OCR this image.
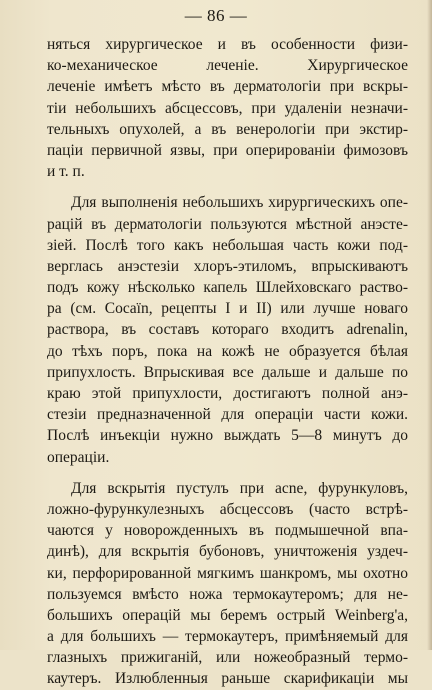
— 86 —
няться хирургическое и въ особенности физи-
ко-механическое леченіе. Хирургическое
леченіе имѣетъ мѣсто въ дерматологіи при вскры-
тіи небольшихъ абсцессовъ, при удаленіи незначи-
тельныхъ опухолей, а въ венерологіи при экстир-
паціи первичной язвы, при оперированіи фимозовъ
и т. п.
Для выполненія небольшихъ хирургическихъ опе-
рацій въ дерматологіи пользуются мѣстной анэсте-
зіей. Послѣ того какъ небольшая часть кожи под-
верглась анэстезіи хлоръ-этиломъ, впрыскиваютъ
подъ кожу нѣсколько капель Шлейховскаго раство-
ра (см. Cocaïn, рецепты I и II) или лучше новаго
раствора, въ составъ котораго входитъ adrenalin,
до тѣхъ поръ, пока на кожѣ не образуется бѣлая
припухлость. Впрыскивая все дальше и дальше по
краю этой припухлости, достигаютъ полной анэ-
стезіи предназначенной для операціи части кожи.
Послѣ инъекціи нужно выждать 5—8 минутъ до
операціи.
Для вскрытія пустулъ при acne, фурункуловъ,
ложно-фурункулезныхъ абсцессовъ (часто встрѣ-
чаются у новорожденныхъ въ подмышечной впа-
динѣ), для вскрытія бубоновъ, уничтоженія уздеч-
ки, перфорированной мягкимъ шанкромъ, мы охотно
пользуемся вмѣсто ножа термокаутеромъ; для не-
большихъ операцій мы беремъ острый Weinberg'a,
а для большихъ — термокаутеръ, примѣняемый для
глазныхъ прижиганій, или ножеобразный термо-
каутеръ. Излюбленныя раньше скарификаціи мы
